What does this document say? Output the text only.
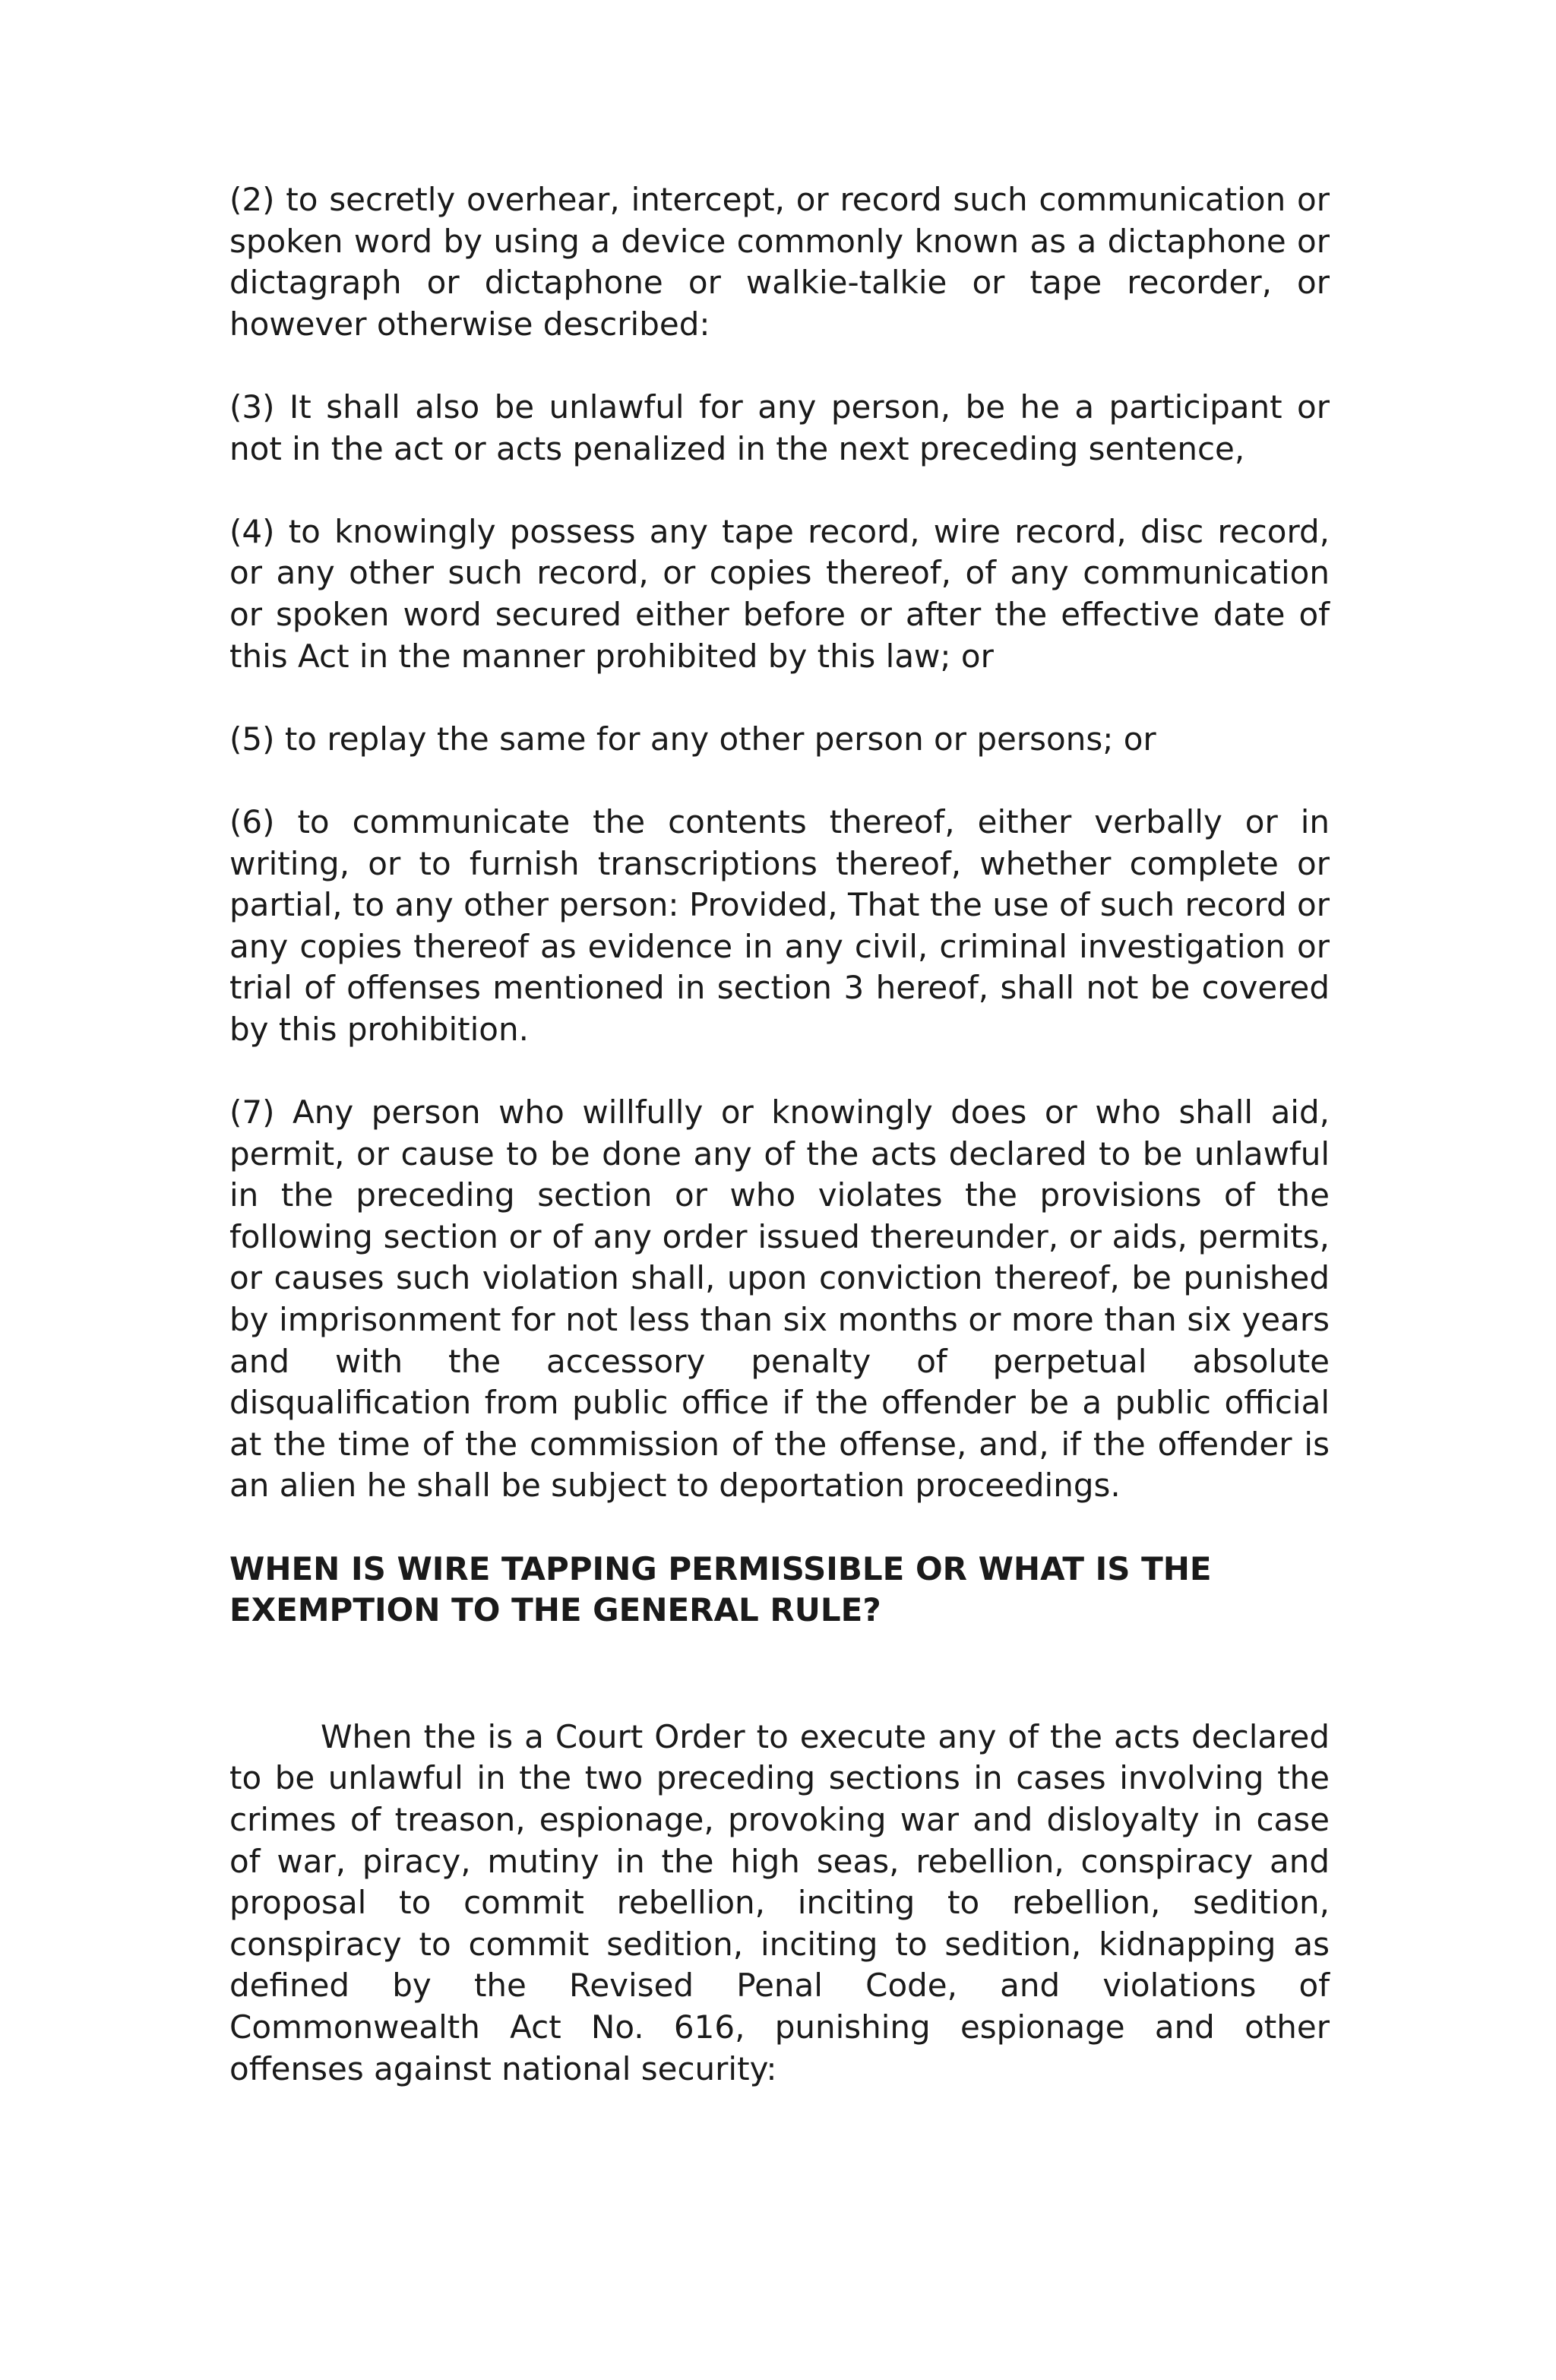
(2) to secretly overhear, intercept, or record such communication or spoken word by using a device commonly known as a dictaphone or dictagraph or dictaphone or walkie-talkie or tape recorder, or however otherwise described:

(3) It shall also be unlawful for any person, be he a participant or not in the act or acts penalized in the next preceding sentence,

(4) to knowingly possess any tape record, wire record, disc record, or any other such record, or copies thereof, of any communication or spoken word secured either before or after the effective date of this Act in the manner prohibited by this law; or

(5) to replay the same for any other person or persons; or

(6) to communicate the contents thereof, either verbally or in writing, or to furnish transcriptions thereof, whether complete or partial, to any other person: Provided, That the use of such record or any copies thereof as evidence in any civil, criminal investigation or trial of offenses mentioned in section 3 hereof, shall not be covered by this prohibition.

(7) Any person who willfully or knowingly does or who shall aid, permit, or cause to be done any of the acts declared to be unlawful in the preceding section or who violates the provisions of the following section or of any order issued thereunder, or aids, permits, or causes such violation shall, upon conviction thereof, be punished by imprisonment for not less than six months or more than six years and with the accessory penalty of perpetual absolute disqualification from public office if the offender be a public official at the time of the commission of the offense, and, if the offender is an alien he shall be subject to deportation proceedings.

WHEN IS WIRE TAPPING PERMISSIBLE OR WHAT IS THE EXEMPTION TO THE GENERAL RULE?

When the is a Court Order to execute any of the acts declared to be unlawful in the two preceding sections in cases involving the crimes of treason, espionage, provoking war and disloyalty in case of war, piracy, mutiny in the high seas, rebellion, conspiracy and proposal to commit rebellion, inciting to rebellion, sedition, conspiracy to commit sedition, inciting to sedition, kidnapping as defined by the Revised Penal Code, and violations of Commonwealth Act No. 616, punishing espionage and other offenses against national security:
